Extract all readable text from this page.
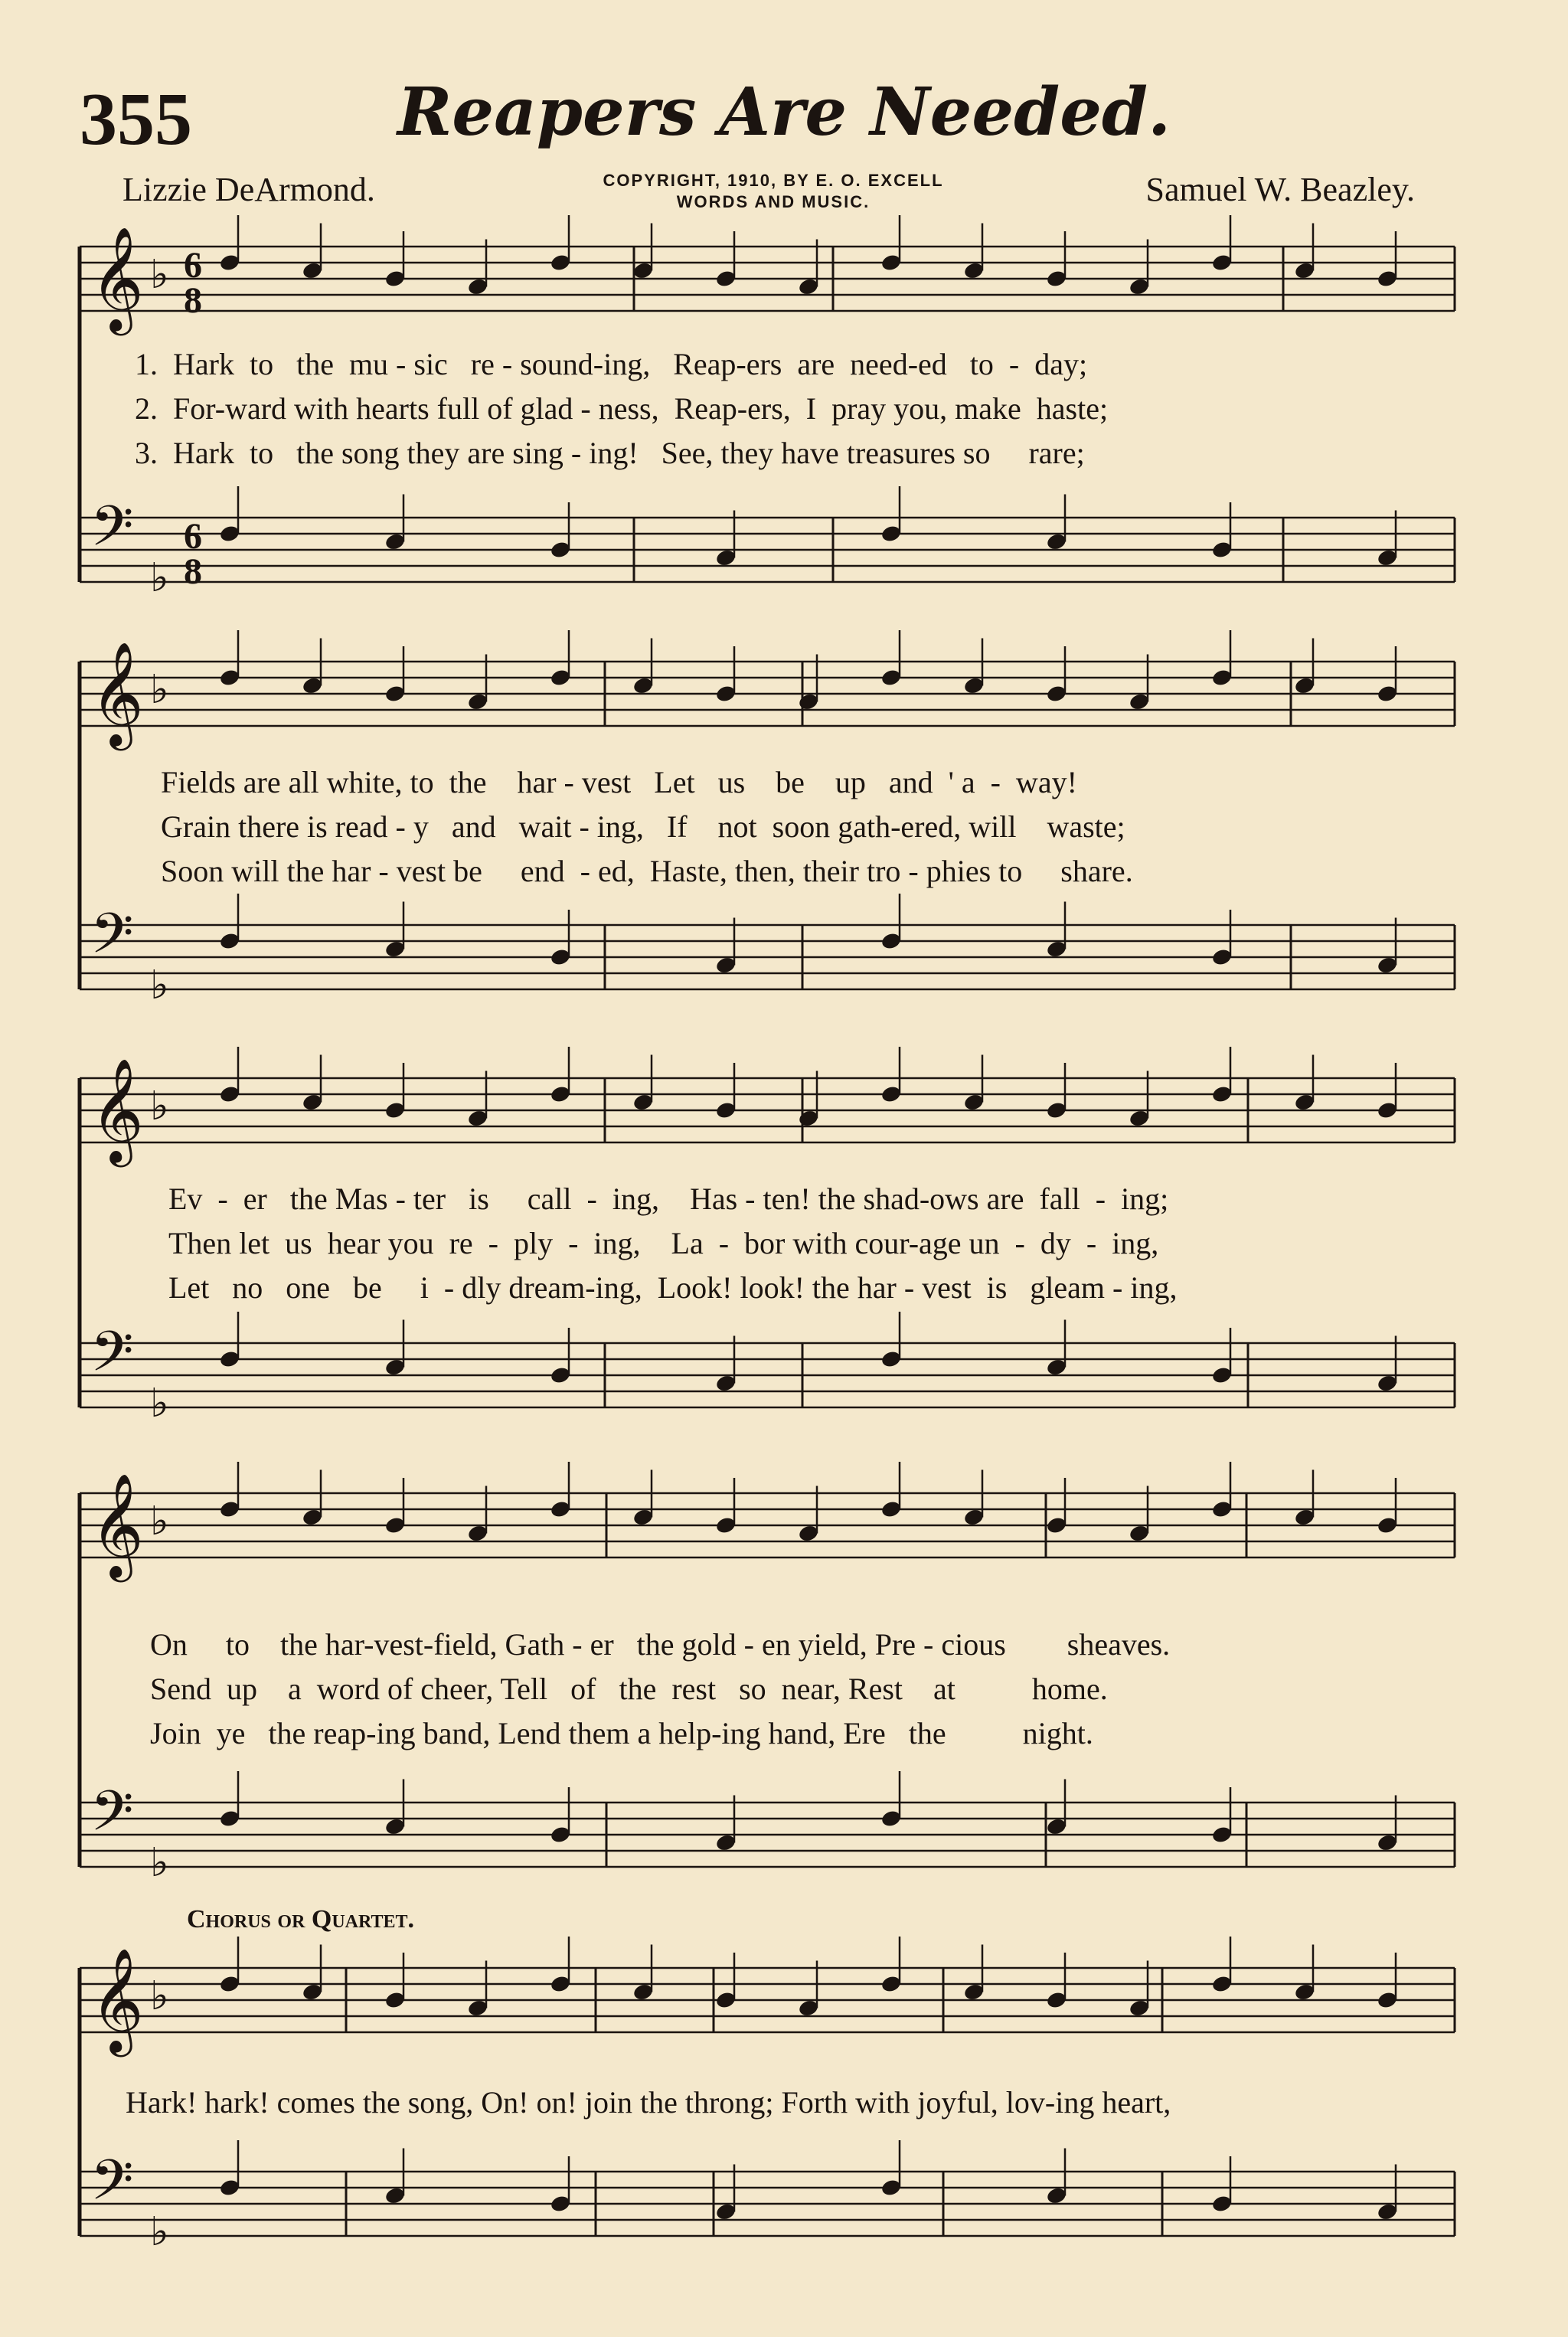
355	Reapers Are Needed.
Lizzie DeArmond.	COPYRIGHT, 1910, BY E. O. EXCELL
WORDS AND MUSIC.	Samuel W. Beazley.
𝄞
𝄢
♭
♭
𝄞
𝄢
♭
♭
𝄞
𝄢
♭
♭
𝄞
𝄢
♭
♭
𝄞
𝄢
♭
♭
6
8
6
8
1.  Hark  to   the  mu - sic   re - sound-ing,   Reap-ers  are  need-ed   to  -  day;
2.  For-ward with hearts full of glad - ness,  Reap-ers,  I  pray you, make  haste;
3.  Hark  to   the song they are sing - ing!   See, they have treasures so     rare;
Fields are all white, to  the    har - vest   Let   us    be    up   and  ' a  -  way!
Grain there is read - y   and   wait - ing,   If    not  soon gath-ered, will    waste;
Soon will the har - vest be     end  - ed,  Haste, then, their tro - phies to     share.
Ev  -  er   the Mas - ter   is     call  -  ing,    Has - ten! the shad-ows are  fall  -  ing;
Then let  us  hear you  re  -  ply  -  ing,    La  -  bor with cour-age un  -  dy  -  ing,
Let   no   one   be     i  - dly dream-ing,  Look! look! the har - vest  is   gleam - ing,
On     to    the har-vest-field, Gath - er   the gold - en yield, Pre - cious        sheaves.
Send  up    a  word of cheer, Tell   of   the  rest   so  near, Rest    at          home.
Join  ye   the reap-ing band, Lend them a help-ing hand, Ere   the          night.
Chorus or Quartet.
Hark! hark! comes the song, On! on! join the throng; Forth with joyful, lov-ing heart,
